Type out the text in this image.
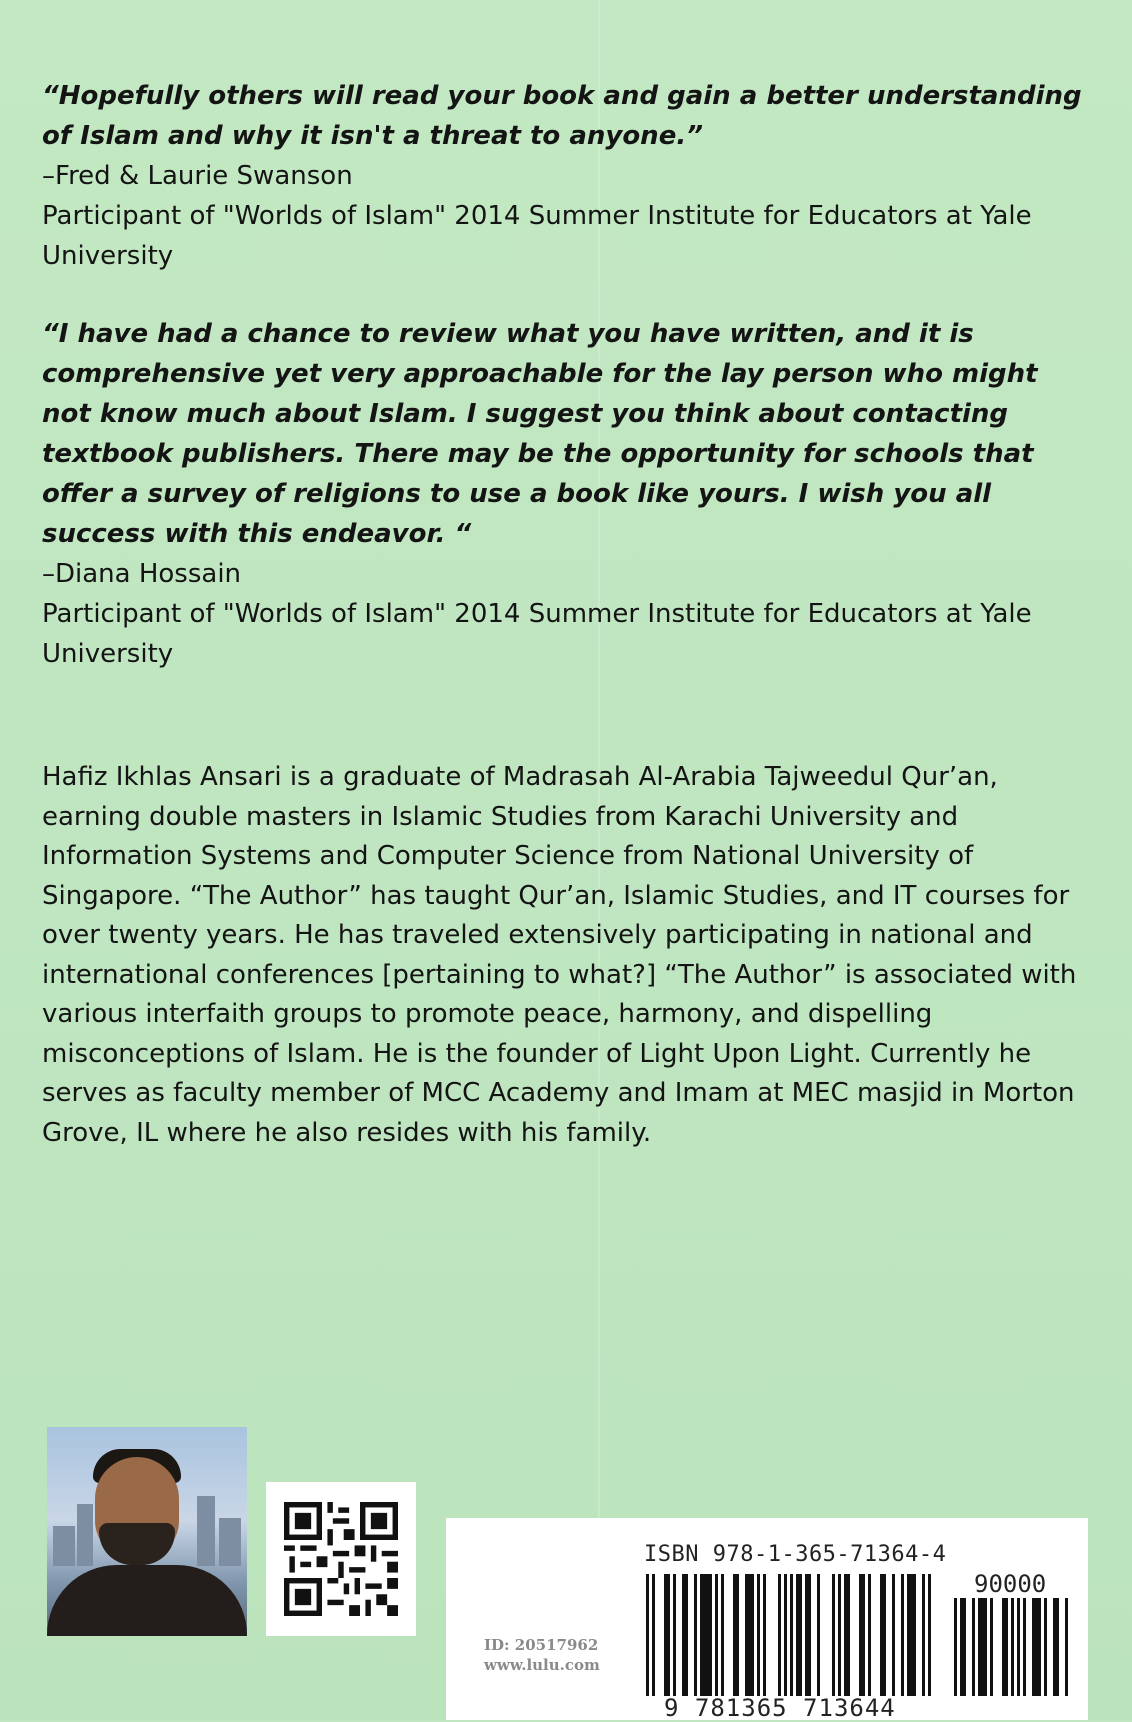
“Hopefully others will read your book and gain a better understanding of Islam and why it isn't a threat to anyone.”

–Fred & Laurie Swanson

Participant of "Worlds of Islam" 2014 Summer Institute for Educators at Yale University

“I have had a chance to review what you have written, and it is comprehensive yet very approachable for the lay person who might not know much about Islam. I suggest you think about contacting textbook publishers. There may be the opportunity for schools that offer a survey of religions to use a book like yours. I wish you all success with this endeavor. “

–Diana Hossain

Participant of "Worlds of Islam" 2014 Summer Institute for Educators at Yale University

Hafiz Ikhlas Ansari is a graduate of Madrasah Al-Arabia Tajweedul Qur’an, earning double masters in Islamic Studies from Karachi University and Information Systems and Computer Science from National University of Singapore. “The Author” has taught Qur’an, Islamic Studies, and IT courses for over twenty years. He has traveled extensively participating in national and international conferences [pertaining to what?] “The Author” is associated with various interfaith groups to promote peace, harmony, and dispelling misconceptions of Islam. He is the founder of Light Upon Light. Currently he serves as faculty member of MCC Academy and Imam at MEC masjid in Morton Grove, IL where he also resides with his family.

ISBN 978-1-365-71364-4
90000
ID: 20517962
www.lulu.com
9 781365 713644
